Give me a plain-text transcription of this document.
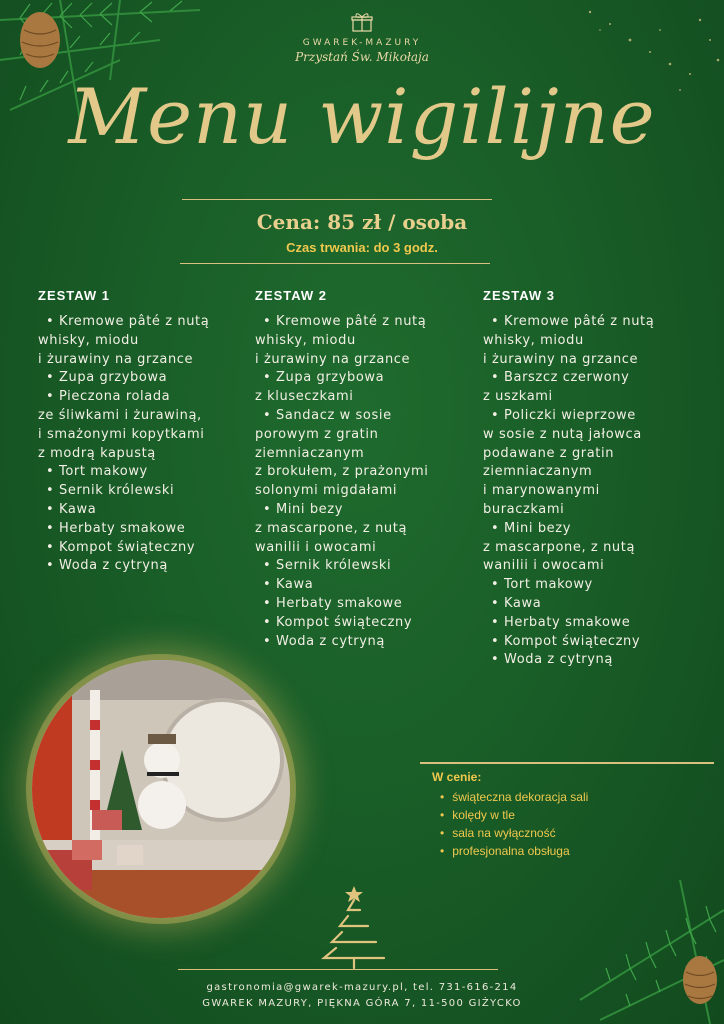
GWAREK-MAZURY
Przystań Św. Mikołaja
Menu wigilijne
Cena: 85 zł / osoba
Czas trwania: do 3 godz.
ZESTAW 1
• Kremowe pâté z nutą
whisky, miodu
i żurawiny na grzance
• Zupa grzybowa
• Pieczona rolada
ze śliwkami i żurawiną,
i smażonymi kopytkami
z modrą kapustą
• Tort makowy
• Sernik królewski
• Kawa
• Herbaty smakowe
• Kompot świąteczny
• Woda z cytryną
ZESTAW 2
• Kremowe pâté z nutą
whisky, miodu
i żurawiny na grzance
• Zupa grzybowa
z kluseczkami
• Sandacz w sosie
porowym z gratin
ziemniaczanym
z brokułem, z prażonymi
solonymi migdałami
• Mini bezy
z mascarpone, z nutą
wanilii i owocami
• Sernik królewski
• Kawa
• Herbaty smakowe
• Kompot świąteczny
• Woda z cytryną
ZESTAW 3
• Kremowe pâté z nutą
whisky, miodu
i żurawiny na grzance
• Barszcz czerwony
z uszkami
• Policzki wieprzowe
w sosie z nutą jałowca
podawane z gratin
ziemniaczanym
i marynowanymi
buraczkami
• Mini bezy
z mascarpone, z nutą
wanilii i owocami
• Tort makowy
• Kawa
• Herbaty smakowe
• Kompot świąteczny
• Woda z cytryną
W cenie:
• świąteczna dekoracja sali
• kolędy w tle
• sala na wyłączność
• profesjonalna obsługa
gastronomia@gwarek-mazury.pl, tel. 731-616-214
GWAREK MAZURY, PIĘKNA GÓRA 7, 11-500 GIŻYCKO
